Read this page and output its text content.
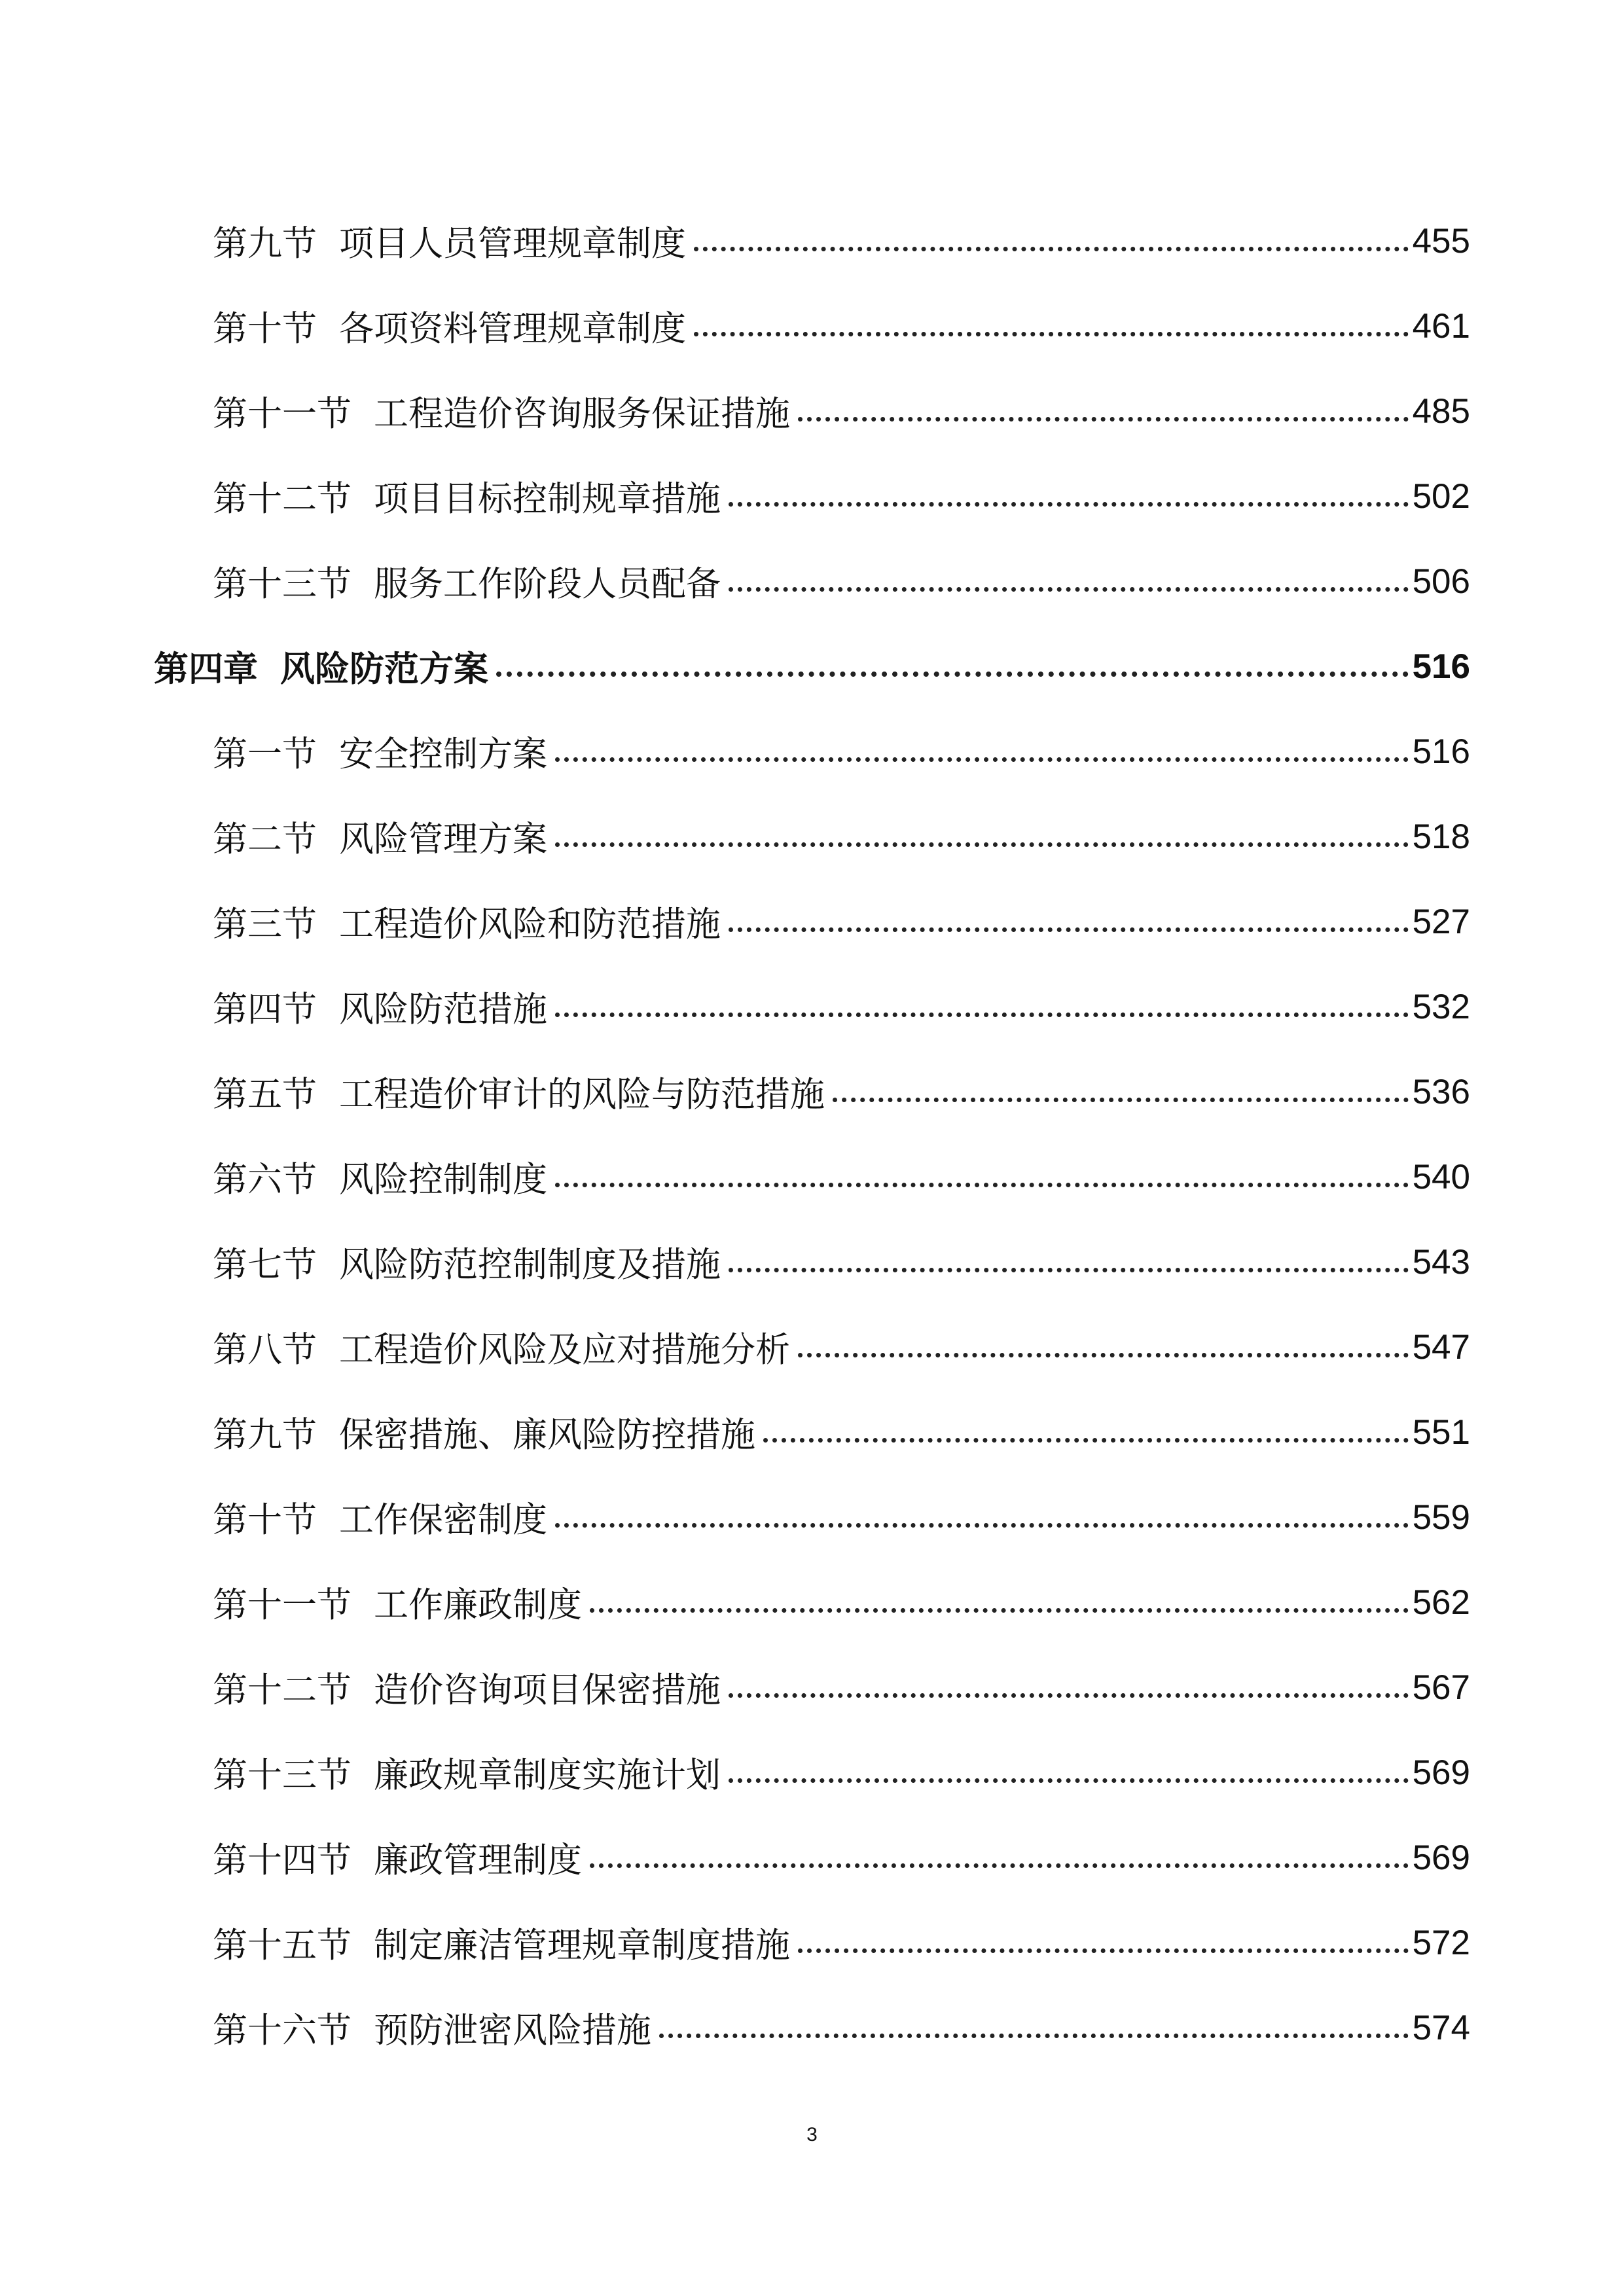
第九节 项目人员管理规章制度	455
第十节 各项资料管理规章制度	461
第十一节 工程造价咨询服务保证措施	485
第十二节 项目目标控制规章措施	502
第十三节 服务工作阶段人员配备	506
第四章 风险防范方案	516
第一节 安全控制方案	516
第二节 风险管理方案	518
第三节 工程造价风险和防范措施	527
第四节 风险防范措施	532
第五节 工程造价审计的风险与防范措施	536
第六节 风险控制制度	540
第七节 风险防范控制制度及措施	543
第八节 工程造价风险及应对措施分析	547
第九节 保密措施、廉风险防控措施	551
第十节 工作保密制度	559
第十一节 工作廉政制度	562
第十二节 造价咨询项目保密措施	567
第十三节 廉政规章制度实施计划	569
第十四节 廉政管理制度	569
第十五节 制定廉洁管理规章制度措施	572
第十六节 预防泄密风险措施	574
3
